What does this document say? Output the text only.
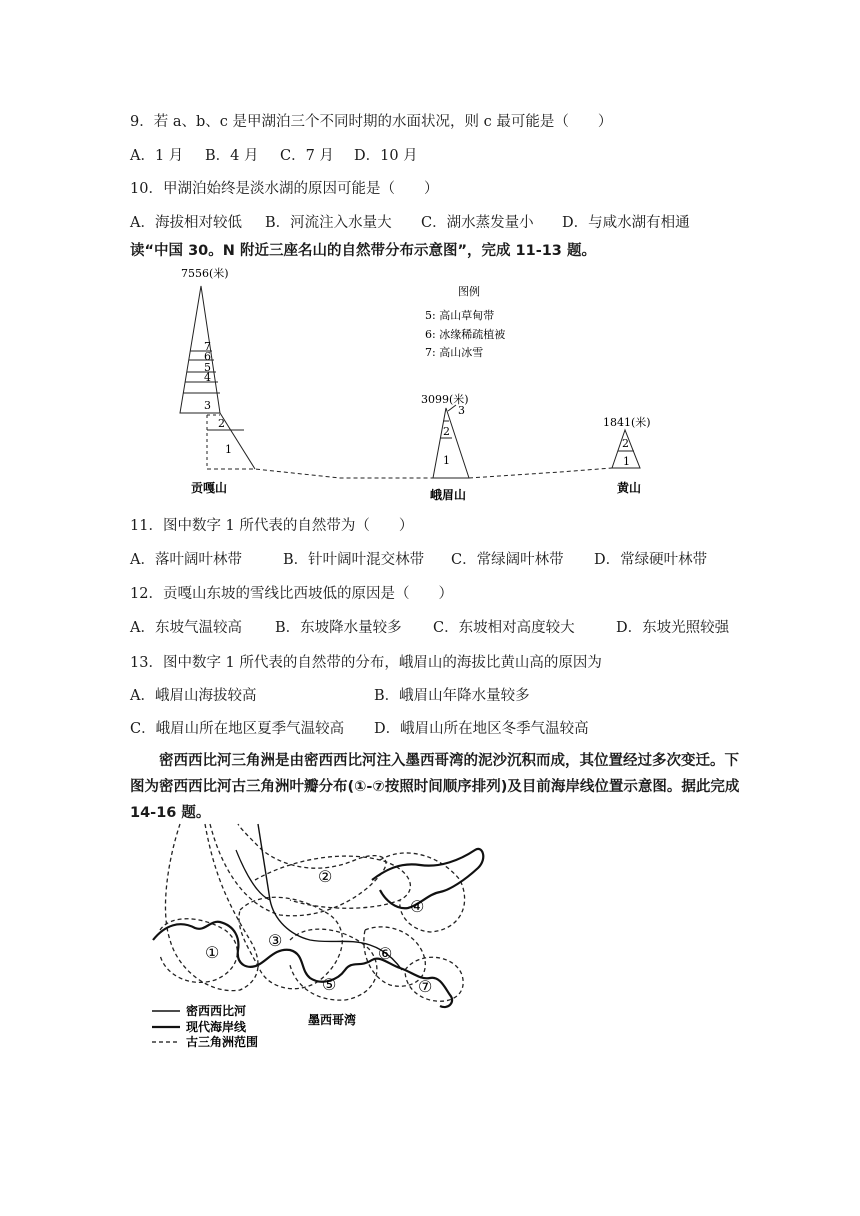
9．若 a、b、c 是甲湖泊三个不同时期的水面状况，则 c 最可能是（　　）
A．1 月 B．4 月 C．7 月 D．10 月
10．甲湖泊始终是淡水湖的原因可能是（　　）
A．海拔相对较低 B．河流注入水量大 C．湖水蒸发量小 D．与咸水湖有相通
读“中国 30。N 附近三座名山的自然带分布示意图”，完成 11-13 题。
7556(米)
7
6
5
4
3
2
1
3099(米)
3
2
1
1841(米)
2
1
贡嘎山	峨眉山	黄山
图例
5: 高山草甸带
6: 冰缘稀疏植被
7: 高山冰雪
11．图中数字 1 所代表的自然带为（　　）
A．落叶阔叶林带	B．针叶阔叶混交林带 C．常绿阔叶林带 D．常绿硬叶林带
12．贡嘎山东坡的雪线比西坡低的原因是（　　）
A．东坡气温较高 B．东坡降水量较多 C．东坡相对高度较大	D．东坡光照较强
13．图中数字 1 所代表的自然带的分布，峨眉山的海拔比黄山高的原因为
A．峨眉山海拔较高	B．峨眉山年降水量较多
C．峨眉山所在地区夏季气温较高 D．峨眉山所在地区冬季气温较高
密西西比河三角洲是由密西西比河注入墨西哥湾的泥沙沉积而成，其位置经过多次变迁。下图为密西西比河古三角洲叶瓣分布(①-⑦按照时间顺序排列)及目前海岸线位置示意图。据此完成 14-16 题。
①
②
③
④
⑤
⑥
⑦
墨西哥湾
密西西比河
现代海岸线
古三角洲范围
